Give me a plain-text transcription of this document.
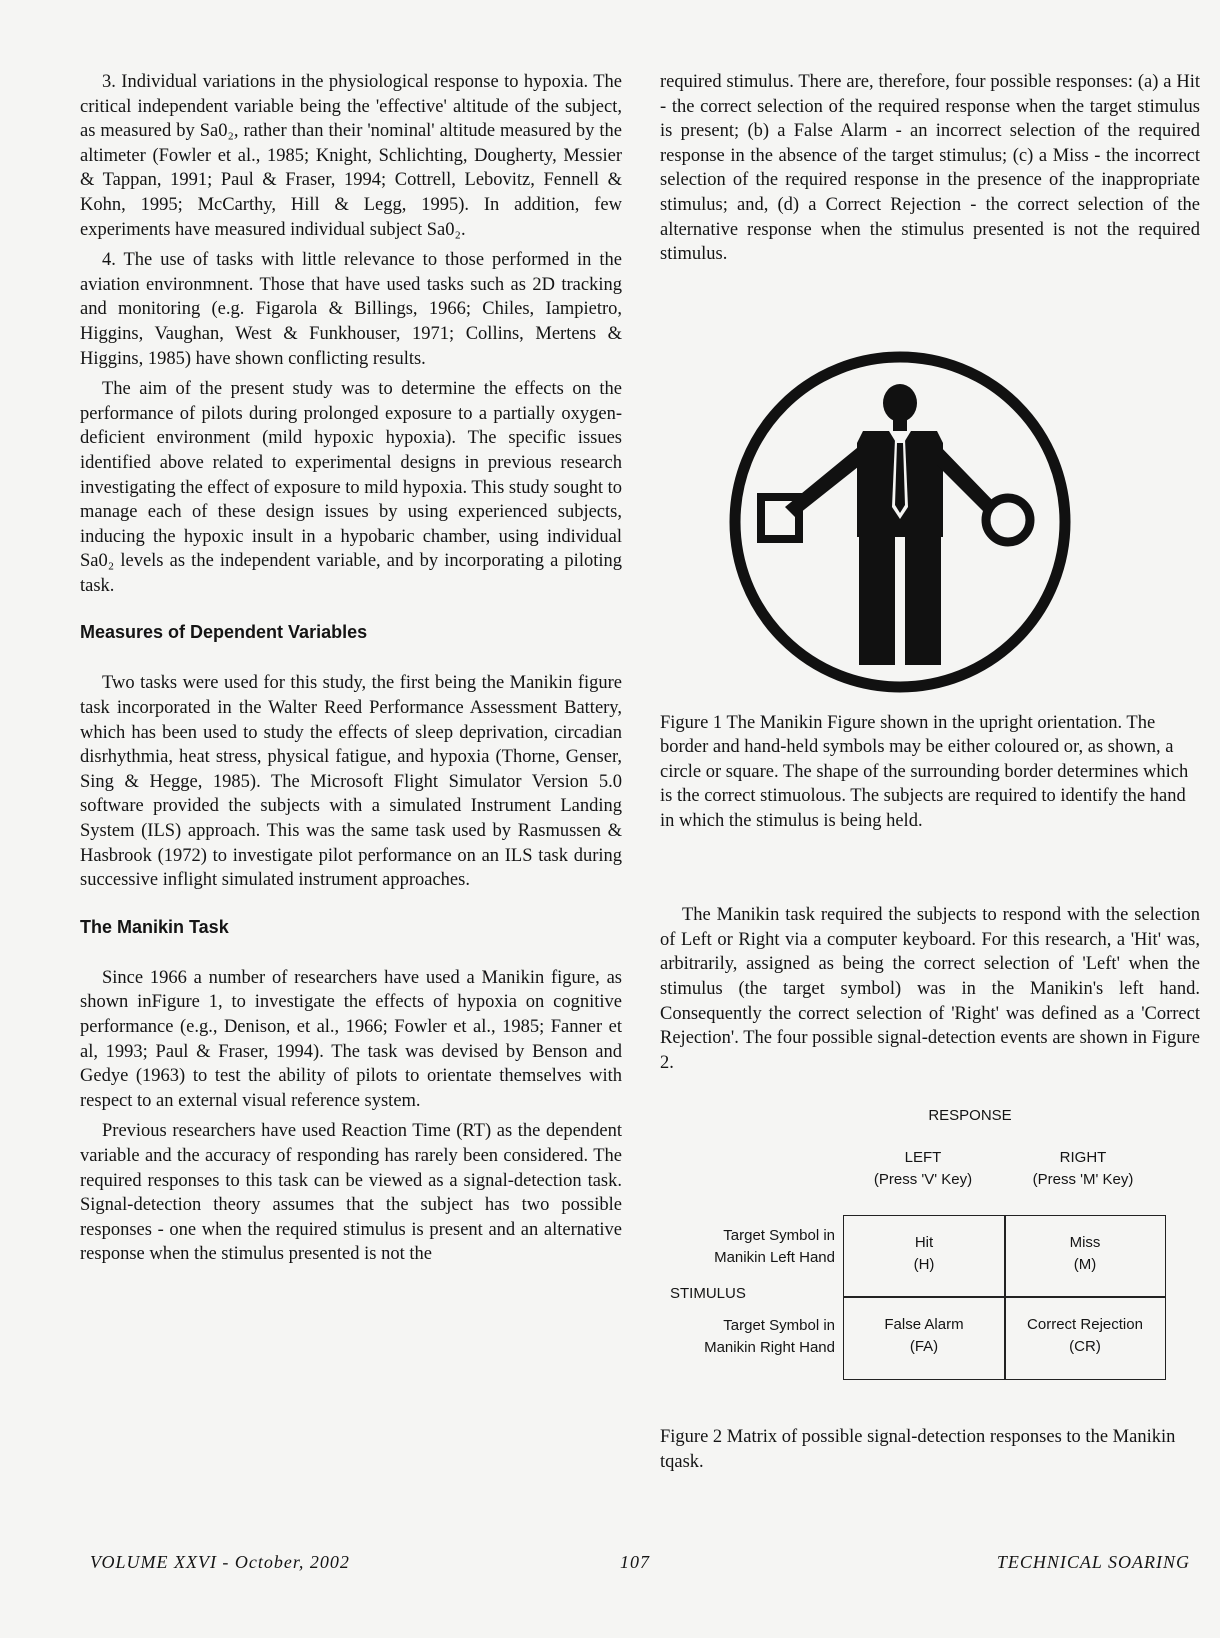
3. Individual variations in the physiological response to hypoxia. The critical independent variable being the 'effective' altitude of the subject, as measured by Sa0₂, rather than their 'nominal' altitude measured by the altimeter (Fowler et al., 1985; Knight, Schlichting, Dougherty, Messier & Tappan, 1991; Paul & Fraser, 1994; Cottrell, Lebovitz, Fennell & Kohn, 1995; McCarthy, Hill & Legg, 1995). In addition, few experiments have measured individual subject Sa0₂.

4. The use of tasks with little relevance to those performed in the aviation environmnent. Those that have used tasks such as 2D tracking and monitoring (e.g. Figarola & Billings, 1966; Chiles, Iampietro, Higgins, Vaughan, West & Funkhouser, 1971; Collins, Mertens & Higgins, 1985) have shown conflicting results.

The aim of the present study was to determine the effects on the performance of pilots during prolonged exposure to a partially oxygen-deficient environment (mild hypoxic hypoxia). The specific issues identified above related to experimental designs in previous research investigating the effect of exposure to mild hypoxia. This study sought to manage each of these design issues by using experienced subjects, inducing the hypoxic insult in a hypobaric chamber, using individual Sa0₂ levels as the independent variable, and by incorporating a piloting task.

Measures of Dependent Variables

Two tasks were used for this study, the first being the Manikin figure task incorporated in the Walter Reed Performance Assessment Battery, which has been used to study the effects of sleep deprivation, circadian disrhythmia, heat stress, physical fatigue, and hypoxia (Thorne, Genser, Sing & Hegge, 1985). The Microsoft Flight Simulator Version 5.0 software provided the subjects with a simulated Instrument Landing System (ILS) approach. This was the same task used by Rasmussen & Hasbrook (1972) to investigate pilot performance on an ILS task during successive inflight simulated instrument approaches.

The Manikin Task

Since 1966 a number of researchers have used a Manikin figure, as shown inFigure 1, to investigate the effects of hypoxia on cognitive performance (e.g., Denison, et al., 1966; Fowler et al., 1985; Fanner et al, 1993; Paul & Fraser, 1994). The task was devised by Benson and Gedye (1963) to test the ability of pilots to orientate themselves with respect to an external visual reference system.

Previous researchers have used Reaction Time (RT) as the dependent variable and the accuracy of responding has rarely been considered. The required responses to this task can be viewed as a signal-detection task. Signal-detection theory assumes that the subject has two possible responses - one when the required stimulus is present and an alternative response when the stimulus presented is not the

required stimulus. There are, therefore, four possible responses: (a) a Hit - the correct selection of the required response when the target stimulus is present; (b) a False Alarm - an incorrect selection of the required response in the absence of the target stimulus; (c) a Miss - the incorrect selection of the required response in the presence of the inappropriate stimulus; and, (d) a Correct Rejection - the correct selection of the alternative response when the stimulus presented is not the required stimulus.

Figure 1 The Manikin Figure shown in the upright orientation. The border and hand-held symbols may be either coloured or, as shown, a circle or square. The shape of the surrounding border determines which is the correct stimuolous. The subjects are required to identify the hand in which the stimulus is being held.

The Manikin task required the subjects to respond with the selection of Left or Right via a computer keyboard. For this research, a 'Hit' was, arbitrarily, assigned as being the correct selection of 'Left' when the stimulus (the target symbol) was in the Manikin's left hand. Consequently the correct selection of 'Right' was defined as a 'Correct Rejection'. The four possible signal-detection events are shown in Figure 2.

RESPONSE
LEFT
(Press 'V' Key)
RIGHT
(Press 'M' Key)
Target Symbol in
Manikin Left Hand
STIMULUS
Target Symbol in
Manikin Right Hand
Hit
(H)
Miss
(M)
False Alarm
(FA)
Correct Rejection
(CR)

Figure 2 Matrix of possible signal-detection responses to the Manikin tqask.

VOLUME XXVI - October, 2002	107	TECHNICAL SOARING
